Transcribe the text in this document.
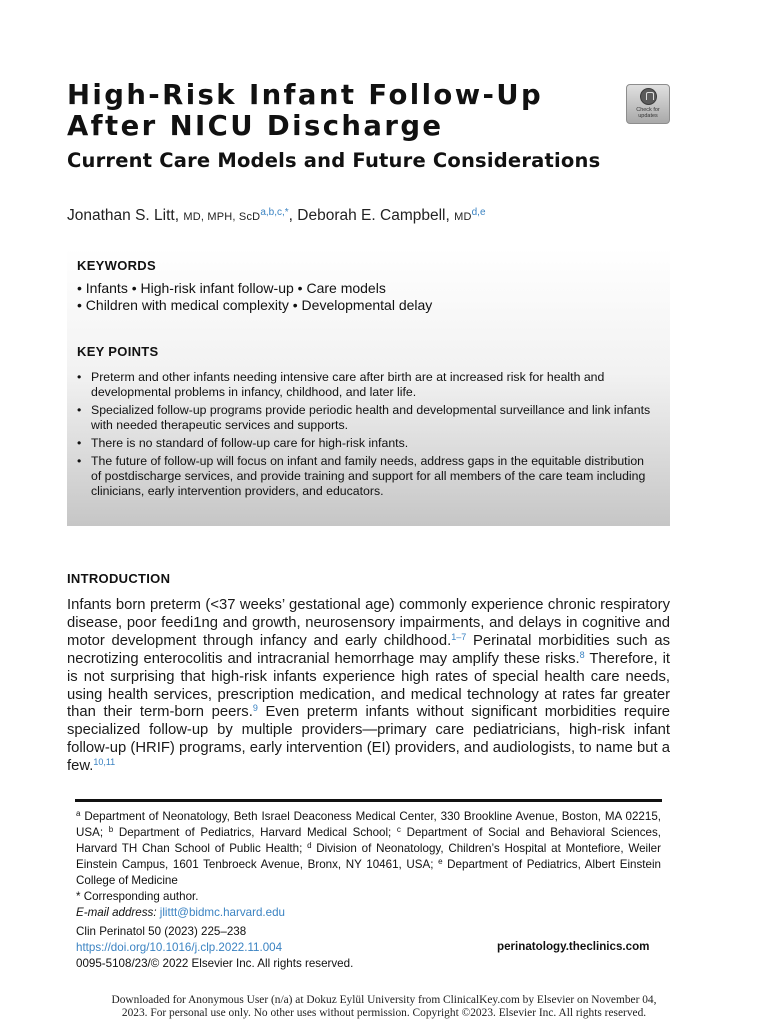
High-Risk Infant Follow-Up
After NICU Discharge	Check for
updates
Current Care Models and Future Considerations
Jonathan S. Litt, MD, MPH, ScD$^{a,b,c,*}$, Deborah E. Campbell, MD$^{d,e}$
KEYWORDS
• Infants • High-risk infant follow-up • Care models
• Children with medical complexity • Developmental delay
KEY POINTS
• Preterm and other infants needing intensive care after birth are at increased risk for health and developmental problems in infancy, childhood, and later life.
• Specialized follow-up programs provide periodic health and developmental surveillance and link infants with needed therapeutic services and supports.
• There is no standard of follow-up care for high-risk infants.
• The future of follow-up will focus on infant and family needs, address gaps in the equitable distribution of postdischarge services, and provide training and support for all members of the care team including clinicians, early intervention providers, and educators.
INTRODUCTION
Infants born preterm (<37 weeks’ gestational age) commonly experience chronic respiratory disease, poor feedi1ng and growth, neurosensory impairments, and delays in cognitive and motor development through infancy and early childhood.$^{1-7}$ Perinatal morbidities such as necrotizing enterocolitis and intracranial hemorrhage may amplify these risks.$^8$ Therefore, it is not surprising that high-risk infants experience high rates of special health care needs, using health services, prescription medication, and medical technology at rates far greater than their term-born peers.$^9$ Even preterm infants without significant morbidities require specialized follow-up by multiple providers—primary care pediatricians, high-risk infant follow-up (HRIF) programs, early intervention (EI) providers, and audiologists, to name but a few.$^{10,11}$
$^a$ Department of Neonatology, Beth Israel Deaconess Medical Center, 330 Brookline Avenue, Boston, MA 02215, USA; $^b$ Department of Pediatrics, Harvard Medical School; $^c$ Department of Social and Behavioral Sciences, Harvard TH Chan School of Public Health; $^d$ Division of Neonatology, Children’s Hospital at Montefiore, Weiler Einstein Campus, 1601 Tenbroeck Avenue, Bronx, NY 10461, USA; $^e$ Department of Pediatrics, Albert Einstein College of Medicine
* Corresponding author.
E-mail address: jlittt@bidmc.harvard.edu
Clin Perinatol 50 (2023) 225–238
https://doi.org/10.1016/j.clp.2022.11.004
0095-5108/23/© 2022 Elsevier Inc. All rights reserved.
perinatology.theclinics.com
Downloaded for Anonymous User (n/a) at Dokuz Eylül University from ClinicalKey.com by Elsevier on November 04,
2023. For personal use only. No other uses without permission. Copyright ©2023. Elsevier Inc. All rights reserved.
